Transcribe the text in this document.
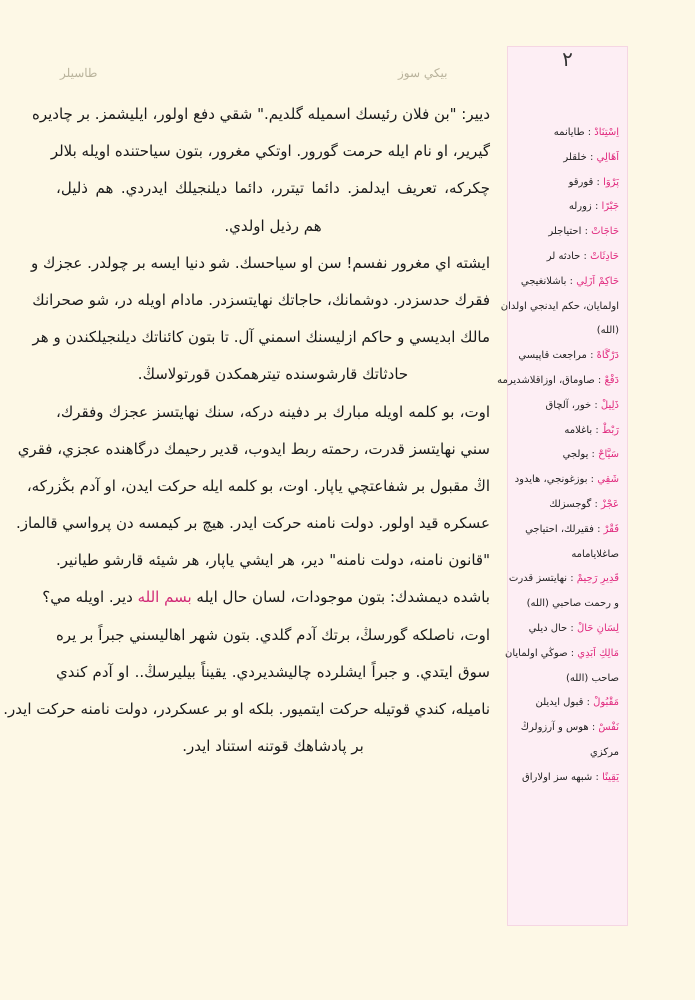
طاسيلر	بيكي سوز
ديير: "بن فلان رئيسك اسميله گلديم." شقي دفع اولور، ايليشمز. بر چاديره
گيرير، او نام ايله حرمت گورور. اوتكي مغرور، بتون سياحتنده اويله بلالر
چكركه، تعريف ايدلمز. دائما تيترر، دائما ديلنجيلك ايدردي. هم ذليل،
هم رذيل اولدي.
ايشته اي مغرور نفسم! سن او سياحسك. شو دنيا ايسه بر چولدر. عجزك و
فقرك حدسزدر. دوشمانك، حاجاتك نهايتسزدر. مادام اويله در، شو صحرانك
مالك ابديسي و حاكم ازليسنك اسمني آل. تا بتون كائناتك ديلنجيلكندن و هر
حادثاتك قارشوسنده تيترهمكدن قورتولاسڭ.
اوت، بو كلمه اويله مبارك بر دفينه دركه، سنك نهايتسز عجزك وفقرك،
سني نهايتسز قدرت، رحمته ربط ايدوب، قدير رحيمك درگاهنده عجزي، فقري
اڭ مقبول بر شفاعتچي ياپار. اوت، بو كلمه ايله حركت ايدن، او آدم بڭزركه،
عسكره قيد اولور. دولت نامنه حركت ايدر. هيچ بر كيمسه دن پرواسي قالماز.
"قانون نامنه، دولت نامنه" دير، هر ايشي ياپار، هر شيئه قارشو طيانير.
باشده ديمشدك: بتون موجودات، لسان حال ايله بسم الله دير. اويله مي؟
اوت، ناصلكه گورسڭ، برتك آدم گلدي. بتون شهر اهاليسني جبراً بر يره
سوق ايتدي. و جبراً ايشلرده چاليشديردي. يقيناً بيليرسڭ.. او آدم كندي
ناميله، كندي قوتيله حركت ايتميور. بلكه او بر عسكردر، دولت نامنه حركت ايدر.
بر پادشاهك قوتنه استناد ايدر.
٢
اِسْتِنَادْ : طايانمه
اَهَالِي : خلقلر
پَرْوَا : قورقو
جَبْرًا : زورله
حَاجَاتْ : احتياجلر
حَادِثَاتْ : حادثه لر
حَاكِمْ اَزَلِي : باشلانغيجي
اولمايان، حكم ايدنجي اولدان
(الله)
دَرْگَاهْ : مراجعت قاپيسي
دَفْعْ : صاوماق، اوزاقلاشديرمه
ذَلِيلْ : خور، آلچاق
رَبْطْ : باغلامه
سَيَّاحْ : يولجي
شَقِي : بوزغونجي، هايدود
عَجْزْ : گوجسزلك
فَقْرْ : فقيرلك، احتياجي
صاغلايامامه
قَدِيرِ رَحِيمْ : نهايتسز قدرت
و رحمت صاحبي (الله)
لِسَانِ حَالْ : حال ديلي
مَالِكِ اَبَدِي : صوڭي اولمايان
صاحب (الله)
مَقْبُولْ : قبول ايديلن
نَفْسْ : هوس و آرزولرڭ
مركزي
يَقِينًا : شبهه سز اولاراق
